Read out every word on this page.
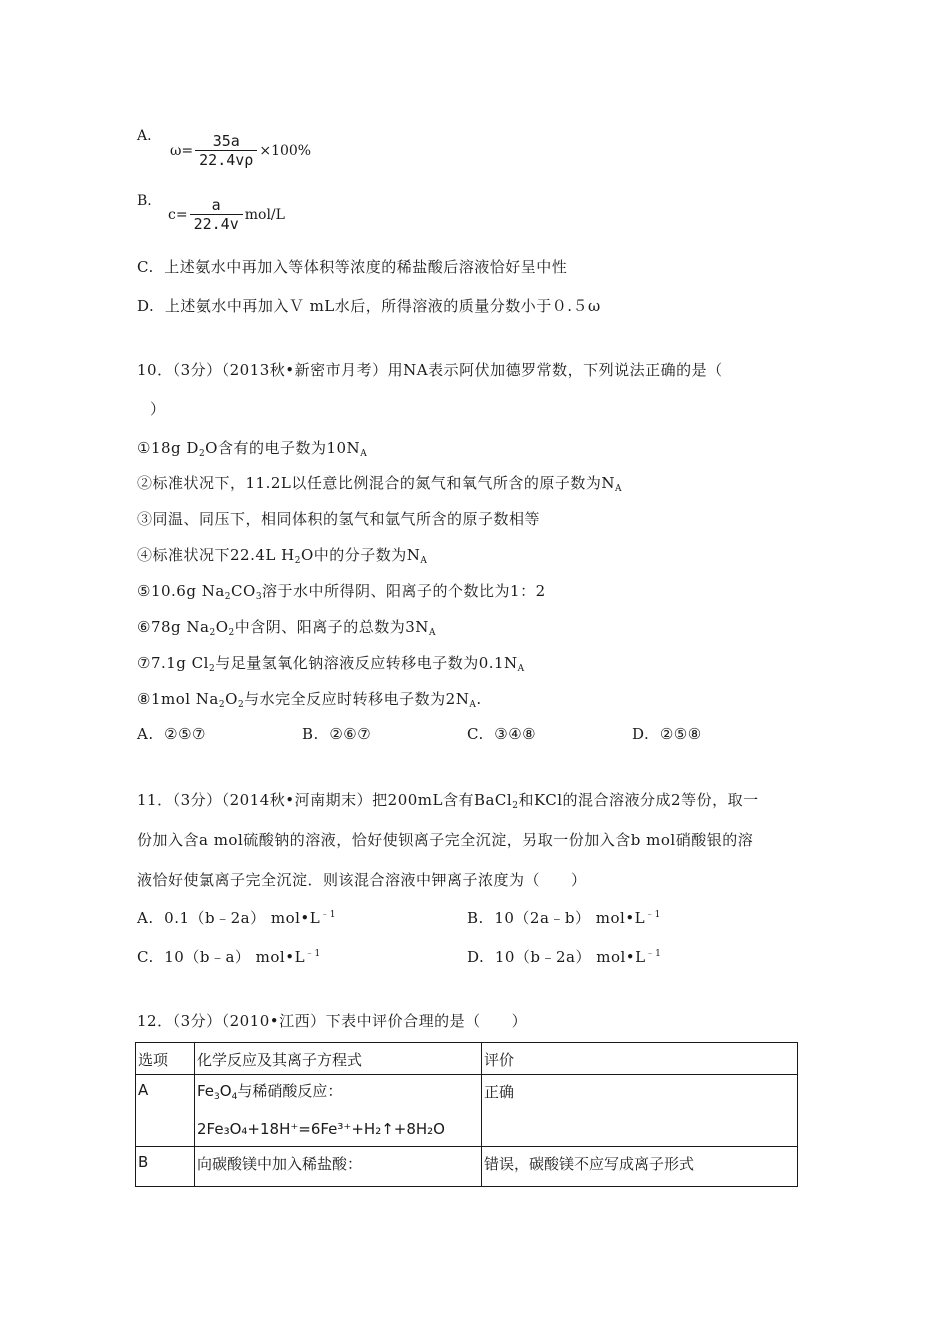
A.
$\omega= \frac{35a}{22.4v\rho} \times 100\%$
B.
$c= \frac{a}{22.4v} mol/L$
C. 上述氨水中再加入等体积等浓度的稀盐酸后溶液恰好呈中性
D. 上述氨水中再加入Ｖ mL水后，所得溶液的质量分数小于０.５ω
10．（3分）（2013秋•新密市月考）用NA表示阿伏加德罗常数，下列说法正确的是（
）
①18g $D_2O$含有的电子数为$10N_A$
②标准状况下，11.2L以任意比例混合的氮气和氧气所含的原子数为$N_A$
③同温、同压下，相同体积的氢气和氩气所含的原子数相等
④标准状况下22.4L $H_2O$中的分子数为$N_A$
⑤10.6g $Na_2CO_3$溶于水中所得阴、阳离子的个数比为1：2
⑥78g $Na_2O_2$中含阴、阳离子的总数为$3N_A$
⑦7.1g $Cl_2$与足量氢氧化钠溶液反应转移电子数为$0.1N_A$
⑧1mol $Na_2O_2$与水完全反应时转移电子数为$2N_A$.
A. ②⑤⑦	B. ②⑥⑦	C. ③④⑧	D. ②⑤⑧
11．（3分）（2014秋•河南期末）把200mL含有BaCl$_2$和KCl的混合溶液分成2等份，取一
份加入含a mol硫酸钠的溶液，恰好使钡离子完全沉淀，另取一份加入含b mol硝酸银的溶
液恰好使氯离子完全沉淀．则该混合溶液中钾离子浓度为（　　）
A. 0.1（b﹣2a） $mol•L^{﹣1}$	B. 10（2a﹣b） $mol•L^{﹣1}$
C. 10（b﹣a） $mol•L^{﹣1}$	D. 10（b﹣2a） $mol•L^{﹣1}$
12．（3分）（2010•江西）下表中评价合理的是（　　）
选项	化学反应及其离子方程式	评价
A	$Fe_3O_4$与稀硝酸反应：
2Fe₃O₄+18H⁺=6Fe³⁺+H₂↑+8H₂O	正确
B	向碳酸镁中加入稀盐酸：	错误，碳酸镁不应写成离子形式
